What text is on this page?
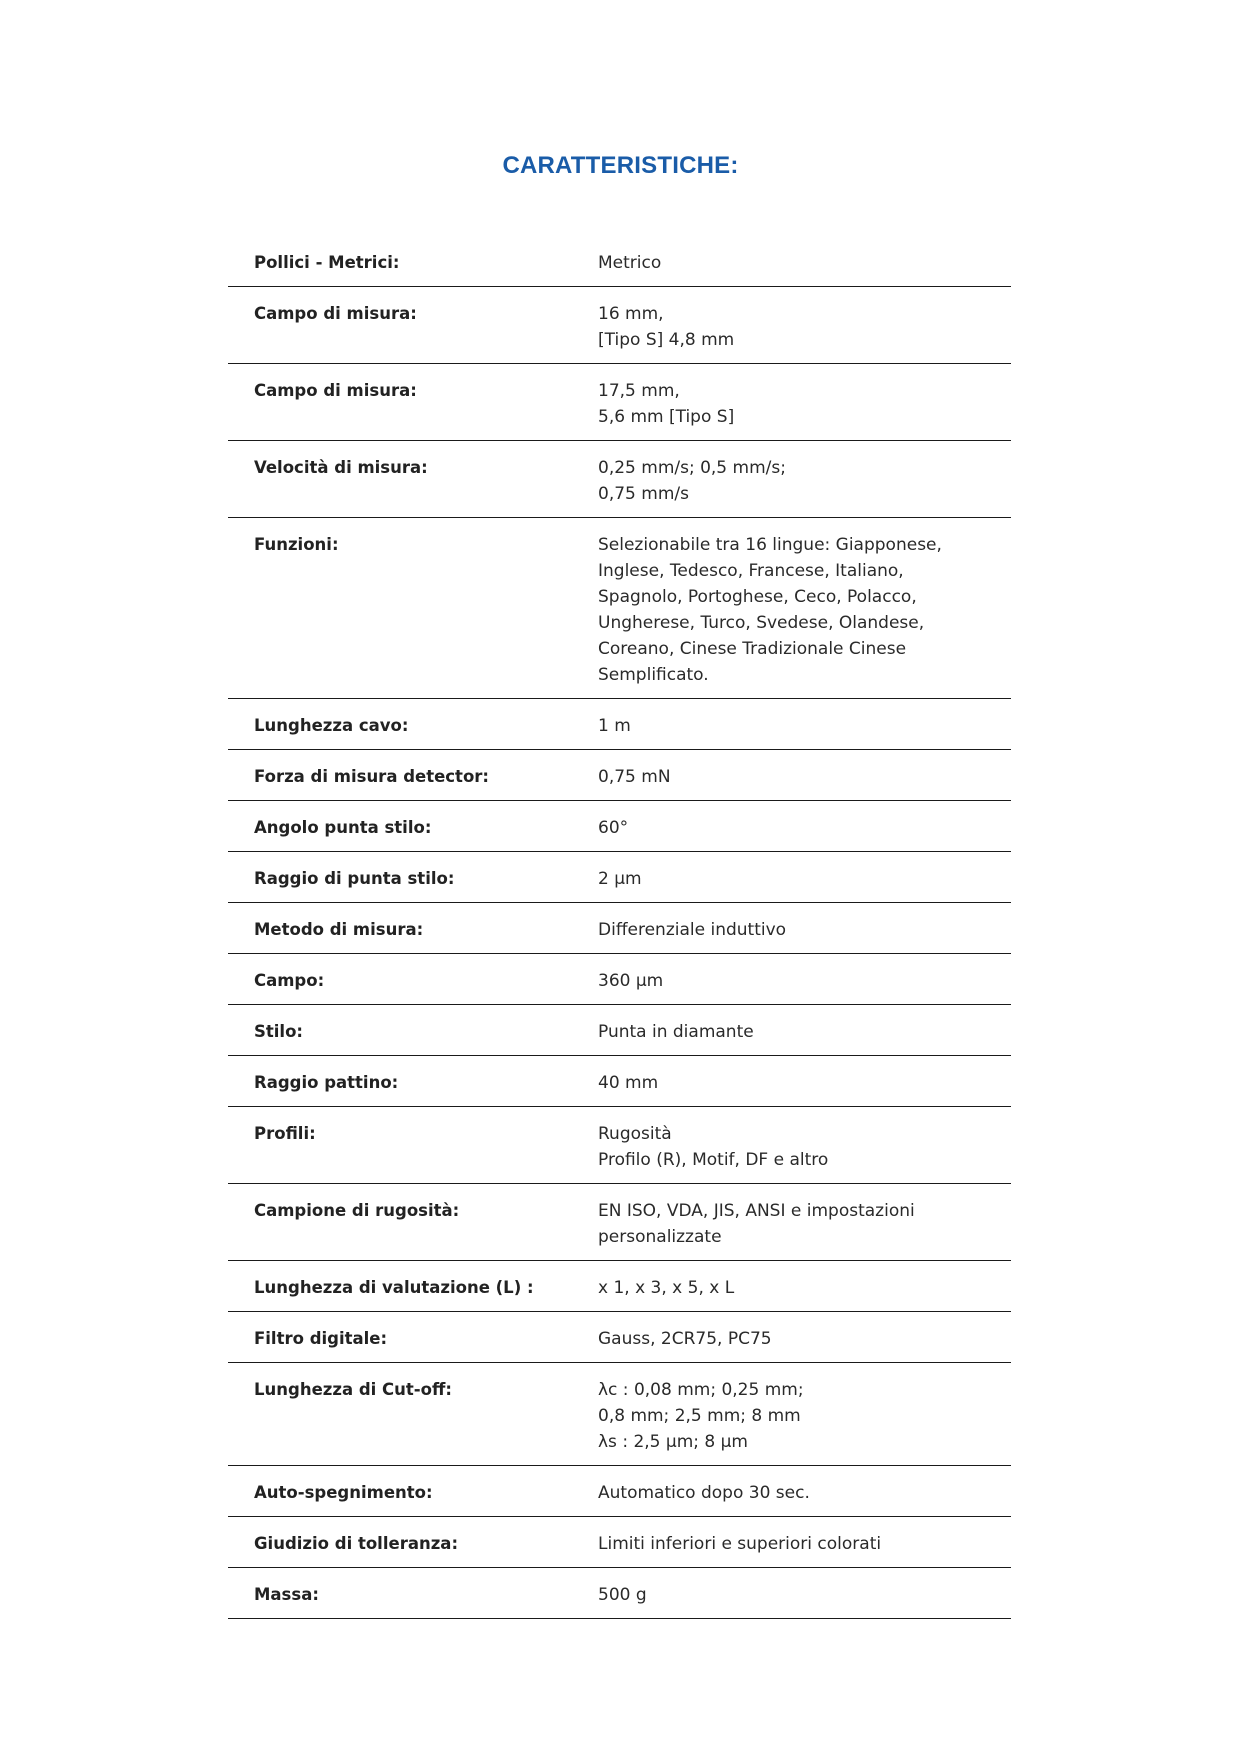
CARATTERISTICHE:
Pollici - Metrici:	Metrico
Campo di misura:	16 mm,
[Tipo S] 4,8 mm
Campo di misura:	17,5 mm,
5,6 mm [Tipo S]
Velocità di misura:	0,25 mm/s; 0,5 mm/s;
0,75 mm/s
Funzioni:	Selezionabile tra 16 lingue: Giapponese,
Inglese, Tedesco, Francese, Italiano,
Spagnolo, Portoghese, Ceco, Polacco,
Ungherese, Turco, Svedese, Olandese,
Coreano, Cinese Tradizionale Cinese
Semplificato.
Lunghezza cavo:	1 m
Forza di misura detector:	0,75 mN
Angolo punta stilo:	60°
Raggio di punta stilo:	2 µm
Metodo di misura:	Differenziale induttivo
Campo:	360 µm
Stilo:	Punta in diamante
Raggio pattino:	40 mm
Profili:	Rugosità
Profilo (R), Motif, DF e altro
Campione di rugosità:	EN ISO, VDA, JIS, ANSI e impostazioni
personalizzate
Lunghezza di valutazione (L) :	x 1, x 3, x 5, x L
Filtro digitale:	Gauss, 2CR75, PC75
Lunghezza di Cut-off:	λc : 0,08 mm; 0,25 mm;
0,8 mm; 2,5 mm; 8 mm
λs : 2,5 µm; 8 µm
Auto-spegnimento:	Automatico dopo 30 sec.
Giudizio di tolleranza:	Limiti inferiori e superiori colorati
Massa:	500 g
